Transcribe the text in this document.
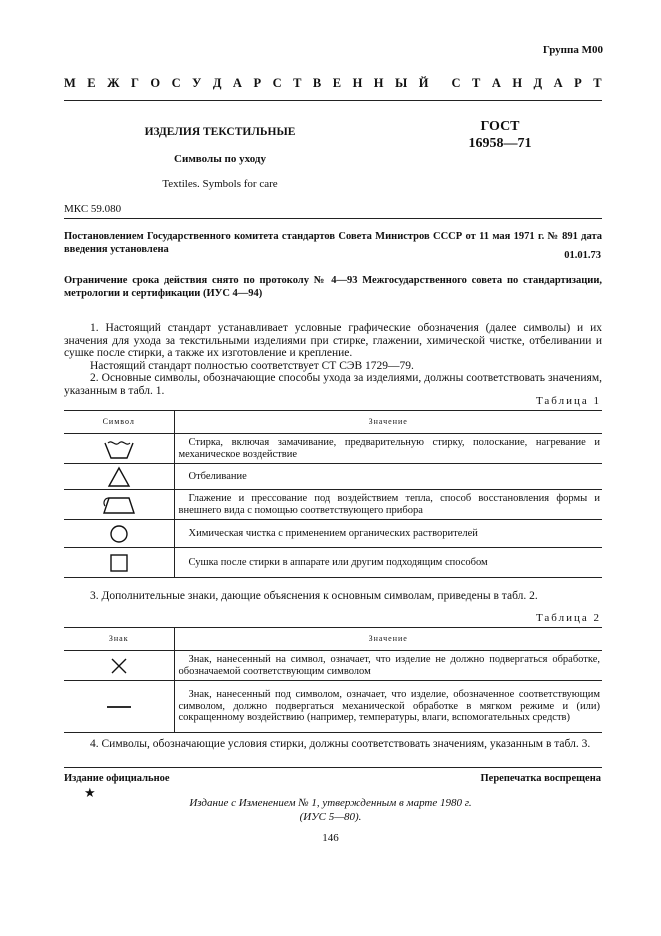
Группа М00
М Е Ж Г О С У Д А Р С Т В Е Н Н Ы Й С Т А Н Д А Р Т
ИЗДЕЛИЯ ТЕКСТИЛЬНЫЕ
Символы по уходу
Textiles. Symbols for care
ГОСТ
16958—71
МКС 59.080
Постановлением Государственного комитета стандартов Совета Министров СССР от 11 мая 1971 г. № 891 дата введения установлена
01.01.73
Ограничение срока действия снято по протоколу № 4—93 Межгосударственного совета по стандартизации, метрологии и сертификации (ИУС 4—94)
1. Настоящий стандарт устанавливает условные графические обозначения (далее символы) и их значения для ухода за текстильными изделиями при стирке, глажении, химической чистке, отбеливании и сушке после стирки, а также их изготовление и крепление.
Настоящий стандарт полностью соответствует СТ СЭВ 1729—79.
2. Основные символы, обозначающие способы ухода за изделиями, должны соответствовать значениям, указанным в табл. 1.
Таблица 1
Символ	Значение

Стирка, включая замачивание, предварительную стирку, полоскание, нагревание и механическое воздействие

Отбеливание

Глажение и прессование под воздействием тепла, способ восстановления формы и внешнего вида с помощью соответствующего прибора

Химическая чистка с применением органических растворителей

Сушка после стирки в аппарате или другим подходящим способом
3. Дополнительные знаки, дающие объяснения к основным символам, приведены в табл. 2.
Таблица 2
Знак	Значение

Знак, нанесенный на символ, означает, что изделие не должно подвергаться обработке, обозначаемой соответствующим символом

Знак, нанесенный под символом, означает, что изделие, обозначенное соответствующим символом, должно подвергаться механической обработке в мягком режиме и (или) сокращенному воздействию (например, температуры, влаги, вспомогательных средств)
4. Символы, обозначающие условия стирки, должны соответствовать значениям, указанным в табл. 3.
Издание официальное	Перепечатка воспрещена
★
Издание с Изменением № 1, утвержденным в марте 1980 г.
(ИУС 5—80).
146
